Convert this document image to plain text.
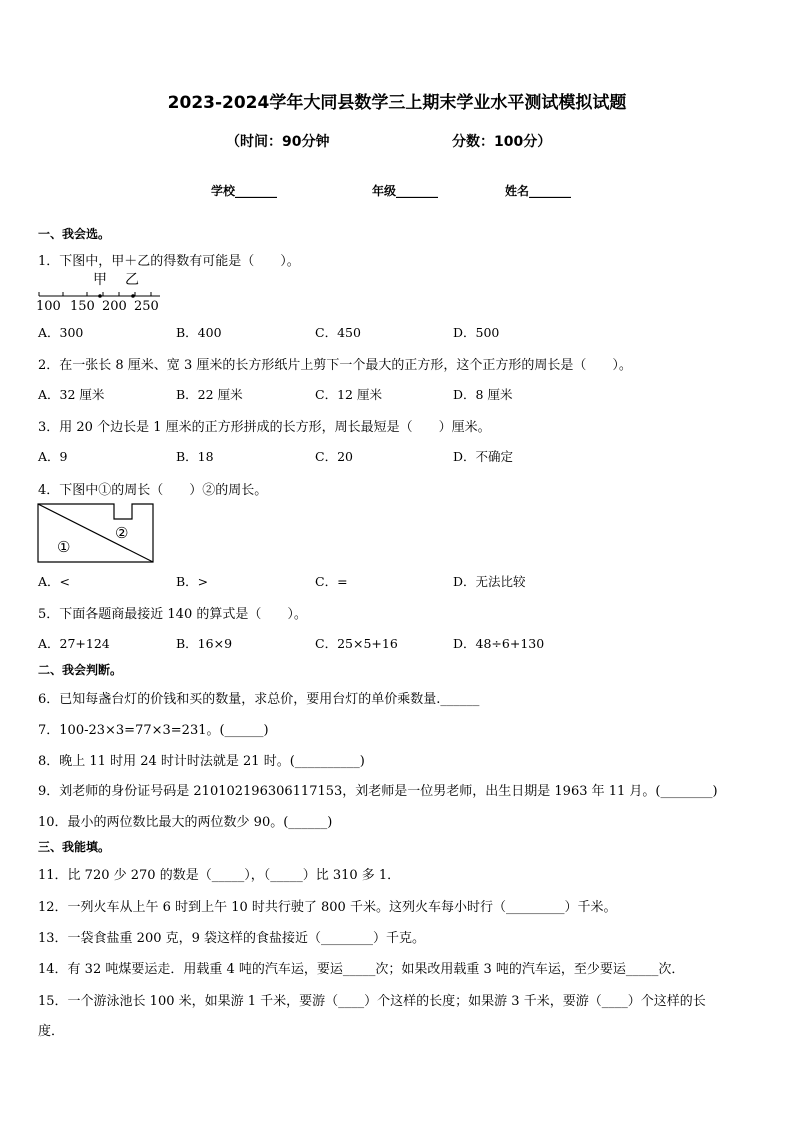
2023-2024学年大同县数学三上期末学业水平测试模拟试题
（时间：90分钟	分数：100分）
学校_______	年级_______	姓名_______
一、我会选。
1．下图中，甲＋乙的得数有可能是（　　）。
甲 乙
100 150 200 250
A．300	B．400	C．450	D．500
2．在一张长 8 厘米、宽 3 厘米的长方形纸片上剪下一个最大的正方形，这个正方形的周长是（　　）。
A．32 厘米	B．22 厘米	C．12 厘米	D．8 厘米
3．用 20 个边长是 1 厘米的正方形拼成的长方形，周长最短是（　　）厘米。
A．9	B．18	C．20	D．不确定
4．下图中①的周长（　　）②的周长。
①
②
A．<	B．>	C．=	D．无法比较
5．下面各题商最接近 140 的算式是（　　）。
A．27+124	B．16×9	C．25×5+16	D．48÷6+130
二、我会判断。
6．已知每盏台灯的价钱和买的数量，求总价，要用台灯的单价乘数量.______
7．100-23×3=77×3=231。(______)
8．晚上 11 时用 24 时计时法就是 21 时。(__________)
9．刘老师的身份证号码是 210102196306117153，刘老师是一位男老师，出生日期是 1963 年 11 月。(________)
10．最小的两位数比最大的两位数少 90。(______)
三、我能填。
11．比 720 少 270 的数是（_____），（_____）比 310 多 1．
12．一列火车从上午 6 时到上午 10 时共行驶了 800 千米。这列火车每小时行（_________）千米。
13．一袋食盐重 200 克，9 袋这样的食盐接近（________）千克。
14．有 32 吨煤要运走．用载重 4 吨的汽车运，要运_____次；如果改用载重 3 吨的汽车运，至少要运_____次．
15．一个游泳池长 100 米，如果游 1 千米，要游（____）个这样的长度；如果游 3 千米，要游（____）个这样的长
度．
